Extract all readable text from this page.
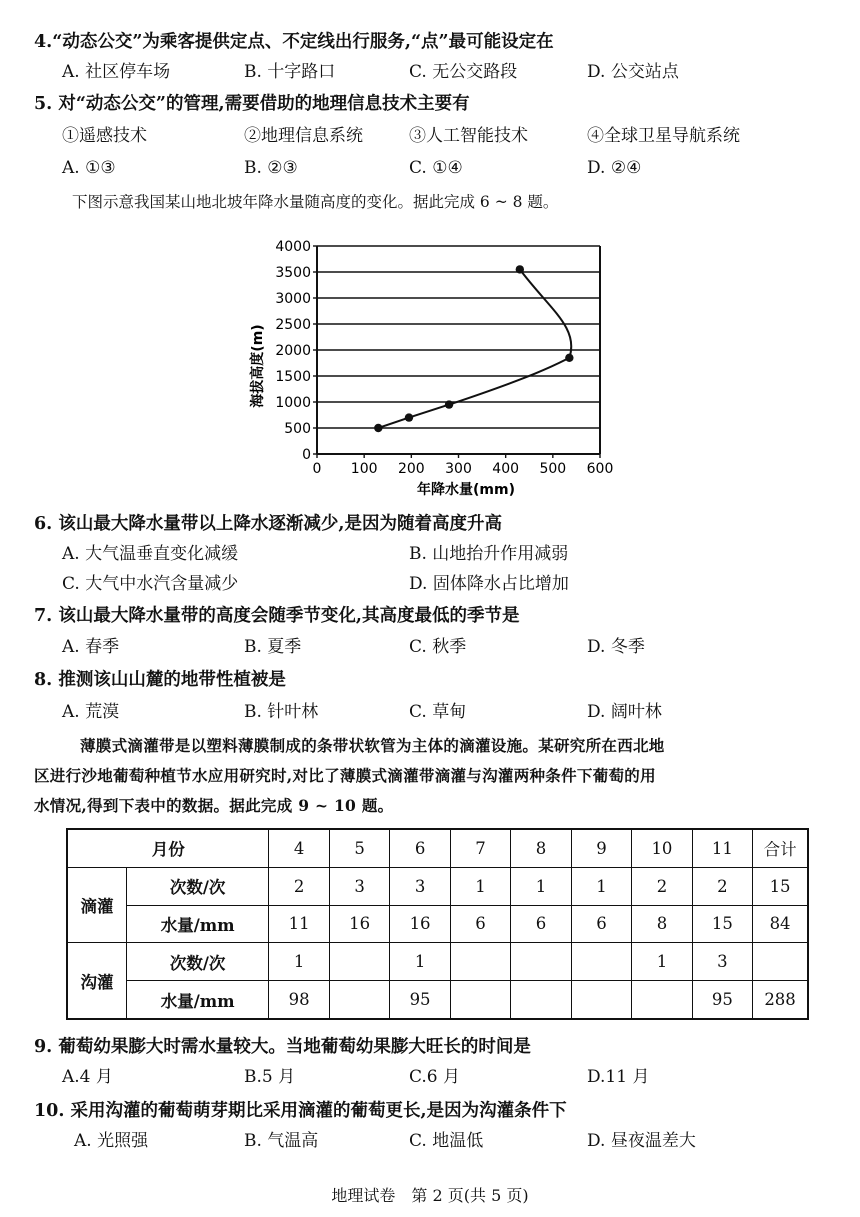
4.“动态公交”为乘客提供定点、不定线出行服务,“点”最可能设定在
A. 社区停车场	B. 十字路口	C. 无公交路段	D. 公交站点
5. 对“动态公交”的管理,需要借助的地理信息技术主要有
①遥感技术	②地理信息系统	③人工智能技术	④全球卫星导航系统
A. ①③	B. ②③	C. ①④	D. ②④
下图示意我国某山地北坡年降水量随高度的变化。据此完成 6 ~ 8 题。
0
500
1000
1500
2000
2500
3000
3500
4000
0 100 200 300 400 500 600
年降水量(mm)
海拔高度(m)
6. 该山最大降水量带以上降水逐渐减少,是因为随着高度升高
A. 大气温垂直变化减缓	B. 山地抬升作用减弱
C. 大气中水汽含量减少	D. 固体降水占比增加
7. 该山最大降水量带的高度会随季节变化,其高度最低的季节是
A. 春季	B. 夏季	C. 秋季	D. 冬季
8. 推测该山山麓的地带性植被是
A. 荒漠	B. 针叶林	C. 草甸	D. 阔叶林
薄膜式滴灌带是以塑料薄膜制成的条带状软管为主体的滴灌设施。某研究所在西北地
区进行沙地葡萄种植节水应用研究时,对比了薄膜式滴灌带滴灌与沟灌两种条件下葡萄的用
水情况,得到下表中的数据。据此完成 9 ~ 10 题。
月份		4	5	6	7	8	9	10	11	合计
滴灌	次数/次	2	3	3	1	1	1	2	2	15
	水量/mm	11	16	16	6	6	6	8	15	84
沟灌	次数/次	1		1				1	3	
	水量/mm	98		95					95	288
9. 葡萄幼果膨大时需水量较大。当地葡萄幼果膨大旺长的时间是
A.4 月	B.5 月	C.6 月	D.11 月
10. 采用沟灌的葡萄萌芽期比采用滴灌的葡萄更长,是因为沟灌条件下
A. 光照强	B. 气温高	C. 地温低	D. 昼夜温差大
地理试卷　第 2 页(共 5 页)
